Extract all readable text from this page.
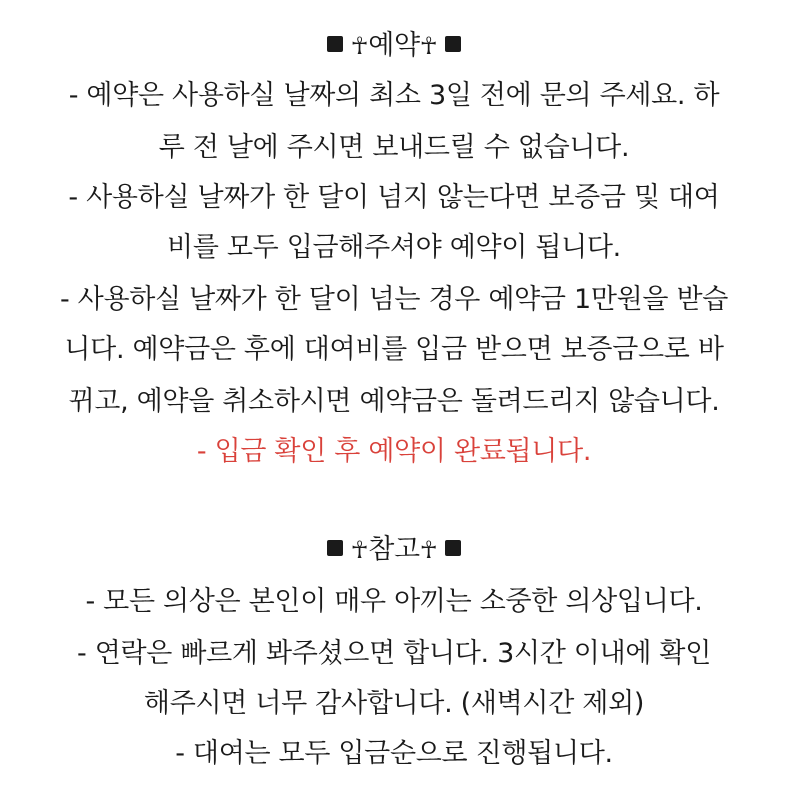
☥예약☥
- 예약은 사용하실 날짜의 최소 3일 전에 문의 주세요. 하
루 전 날에 주시면 보내드릴 수 없습니다.
- 사용하실 날짜가 한 달이 넘지 않는다면 보증금 및 대여
비를 모두 입금해주셔야 예약이 됩니다.
- 사용하실 날짜가 한 달이 넘는 경우 예약금 1만원을 받습
니다. 예약금은 후에 대여비를 입금 받으면 보증금으로 바
뀌고, 예약을 취소하시면 예약금은 돌려드리지 않습니다.
- 입금 확인 후 예약이 완료됩니다.
☥참고☥
- 모든 의상은 본인이 매우 아끼는 소중한 의상입니다.
- 연락은 빠르게 봐주셨으면 합니다. 3시간 이내에 확인
해주시면 너무 감사합니다. (새벽시간 제외)
- 대여는 모두 입금순으로 진행됩니다.
